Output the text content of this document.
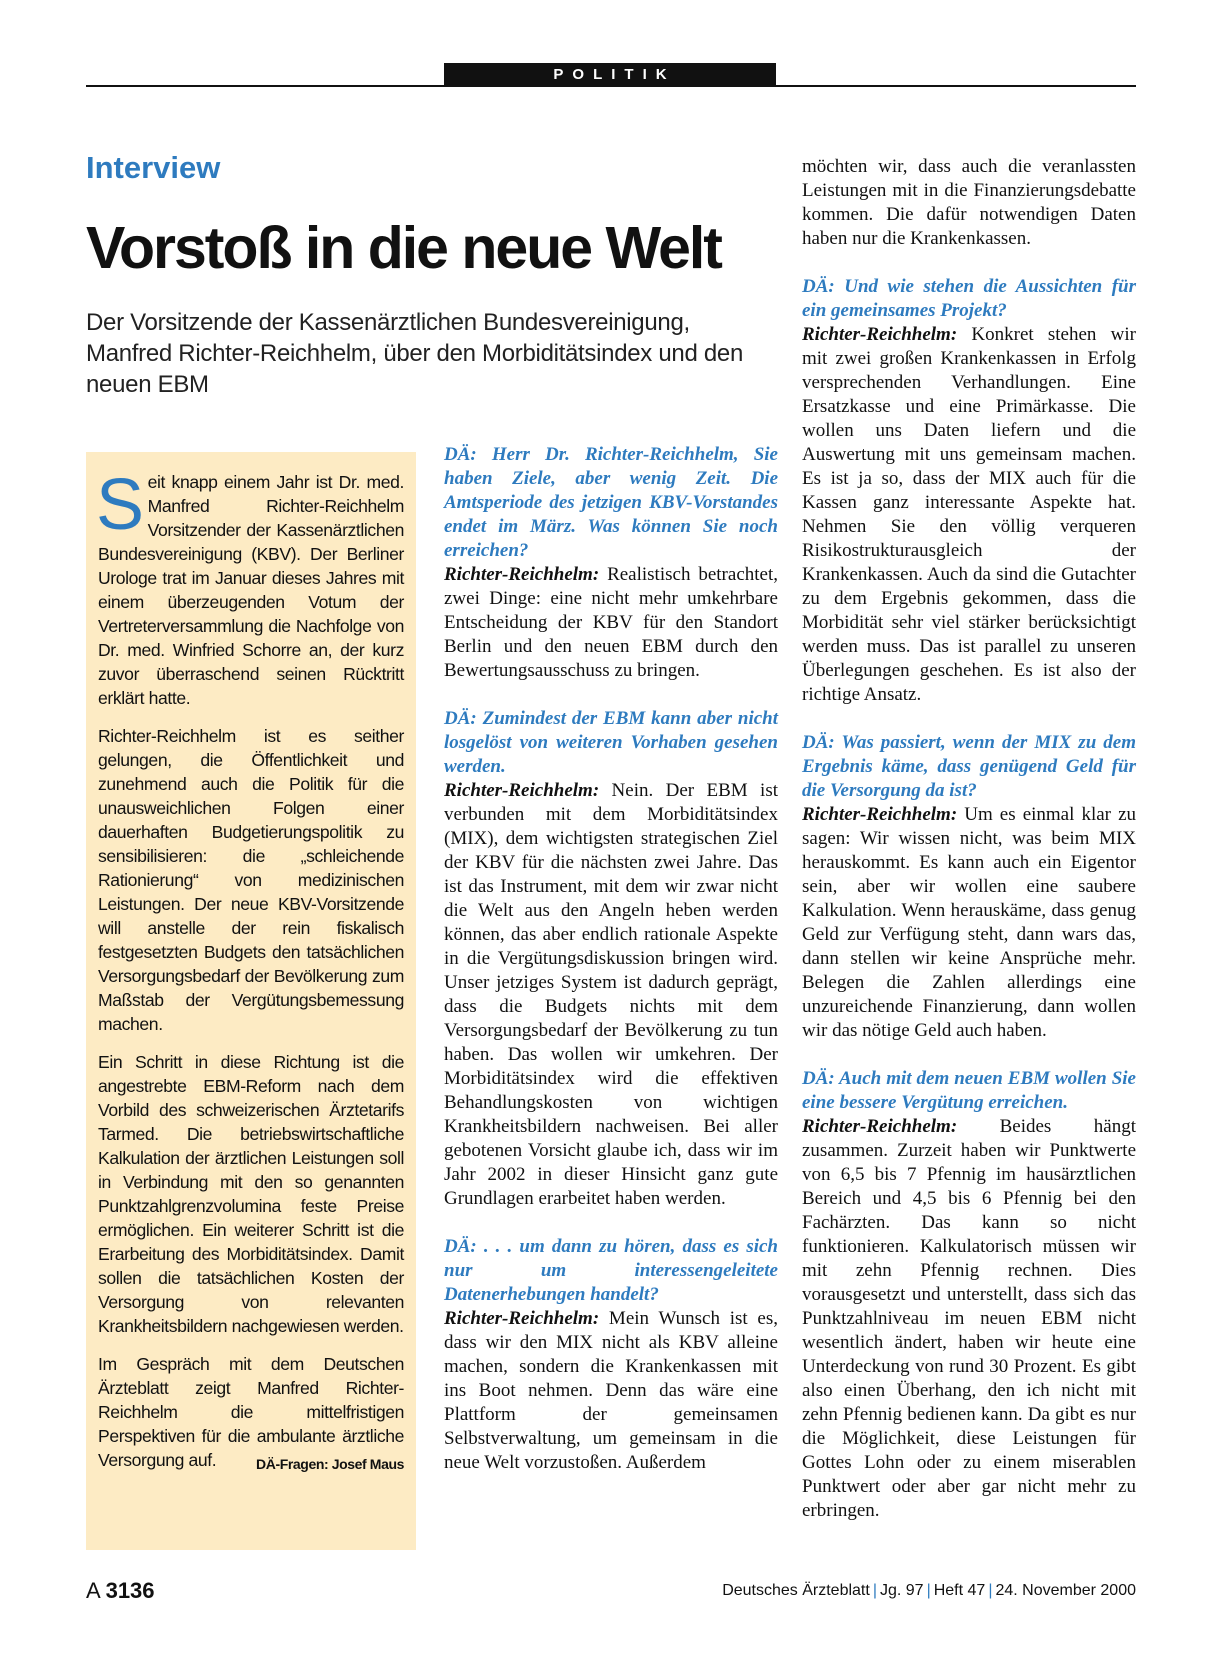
POLITIK
Interview
Vorstoß in die neue Welt
Der Vorsitzende der Kassenärztlichen Bundesvereinigung, Manfred Richter-Reichhelm, über den Morbiditätsindex und den neuen EBM

Seit knapp einem Jahr ist Dr. med. Manfred Richter-Reichhelm Vorsitzender der Kassenärztlichen Bundesvereinigung (KBV). Der Berliner Urologe trat im Januar dieses Jahres mit einem überzeugenden Votum der Vertreterversammlung die Nachfolge von Dr. med. Winfried Schorre an, der kurz zuvor überraschend seinen Rücktritt erklärt hatte.

Richter-Reichhelm ist es seither gelungen, die Öffentlichkeit und zunehmend auch die Politik für die unausweichlichen Folgen einer dauerhaften Budgetierungspolitik zu sensibilisieren: die „schleichende Rationierung“ von medizinischen Leistungen. Der neue KBV-Vorsitzende will anstelle der rein fiskalisch festgesetzten Budgets den tatsächlichen Versorgungsbedarf der Bevölkerung zum Maßstab der Vergütungsbemessung machen.

Ein Schritt in diese Richtung ist die angestrebte EBM-Reform nach dem Vorbild des schweizerischen Ärztetarifs Tarmed. Die betriebswirtschaftliche Kalkulation der ärztlichen Leistungen soll in Verbindung mit den so genannten Punktzahlgrenzvolumina feste Preise ermöglichen. Ein weiterer Schritt ist die Erarbeitung des Morbiditätsindex. Damit sollen die tatsächlichen Kosten der Versorgung von relevanten Krankheitsbildern nachgewiesen werden.

Im Gespräch mit dem Deutschen Ärzteblatt zeigt Manfred Richter-Reichhelm die mittelfristigen Perspektiven für die ambulante ärztliche Versorgung auf.	DÄ-Fragen: Josef Maus

DÄ: Herr Dr. Richter-Reichhelm, Sie haben Ziele, aber wenig Zeit. Die Amtsperiode des jetzigen KBV-Vorstandes endet im März. Was können Sie noch erreichen?

Richter-Reichhelm: Realistisch betrachtet, zwei Dinge: eine nicht mehr umkehrbare Entscheidung der KBV für den Standort Berlin und den neuen EBM durch den Bewertungsausschuss zu bringen.

DÄ: Zumindest der EBM kann aber nicht losgelöst von weiteren Vorhaben gesehen werden.

Richter-Reichhelm: Nein. Der EBM ist verbunden mit dem Morbiditätsindex (MIX), dem wichtigsten strategischen Ziel der KBV für die nächsten zwei Jahre. Das ist das Instrument, mit dem wir zwar nicht die Welt aus den Angeln heben werden können, das aber endlich rationale Aspekte in die Vergütungsdiskussion bringen wird. Unser jetziges System ist dadurch geprägt, dass die Budgets nichts mit dem Versorgungsbedarf der Bevölkerung zu tun haben. Das wollen wir umkehren. Der Morbiditätsindex wird die effektiven Behandlungskosten von wichtigen Krankheitsbildern nachweisen. Bei aller gebotenen Vorsicht glaube ich, dass wir im Jahr 2002 in dieser Hinsicht ganz gute Grundlagen erarbeitet haben werden.

DÄ: . . . um dann zu hören, dass es sich nur um interessengeleitete Datenerhebungen handelt?

Richter-Reichhelm: Mein Wunsch ist es, dass wir den MIX nicht als KBV alleine machen, sondern die Krankenkassen mit ins Boot nehmen. Denn das wäre eine Plattform der gemeinsamen Selbstverwaltung, um gemeinsam in die neue Welt vorzustoßen. Außerdem

möchten wir, dass auch die veranlassten Leistungen mit in die Finanzierungsdebatte kommen. Die dafür notwendigen Daten haben nur die Krankenkassen.

DÄ: Und wie stehen die Aussichten für ein gemeinsames Projekt?

Richter-Reichhelm: Konkret stehen wir mit zwei großen Krankenkassen in Erfolg versprechenden Verhandlungen. Eine Ersatzkasse und eine Primärkasse. Die wollen uns Daten liefern und die Auswertung mit uns gemeinsam machen. Es ist ja so, dass der MIX auch für die Kassen ganz interessante Aspekte hat. Nehmen Sie den völlig verqueren Risikostrukturausgleich der Krankenkassen. Auch da sind die Gutachter zu dem Ergebnis gekommen, dass die Morbidität sehr viel stärker berücksichtigt werden muss. Das ist parallel zu unseren Überlegungen geschehen. Es ist also der richtige Ansatz.

DÄ: Was passiert, wenn der MIX zu dem Ergebnis käme, dass genügend Geld für die Versorgung da ist?

Richter-Reichhelm: Um es einmal klar zu sagen: Wir wissen nicht, was beim MIX herauskommt. Es kann auch ein Eigentor sein, aber wir wollen eine saubere Kalkulation. Wenn herauskäme, dass genug Geld zur Verfügung steht, dann wars das, dann stellen wir keine Ansprüche mehr. Belegen die Zahlen allerdings eine unzureichende Finanzierung, dann wollen wir das nötige Geld auch haben.

DÄ: Auch mit dem neuen EBM wollen Sie eine bessere Vergütung erreichen.

Richter-Reichhelm: Beides hängt zusammen. Zurzeit haben wir Punktwerte von 6,5 bis 7 Pfennig im hausärztlichen Bereich und 4,5 bis 6 Pfennig bei den Fachärzten. Das kann so nicht funktionieren. Kalkulatorisch müssen wir mit zehn Pfennig rechnen. Dies vorausgesetzt und unterstellt, dass sich das Punktzahlniveau im neuen EBM nicht wesentlich ändert, haben wir heute eine Unterdeckung von rund 30 Prozent. Es gibt also einen Überhang, den ich nicht mit zehn Pfennig bedienen kann. Da gibt es nur die Möglichkeit, diese Leistungen für Gottes Lohn oder zu einem miserablen Punktwert oder aber gar nicht mehr zu erbringen.

A 3136	Deutsches Ärzteblatt | Jg. 97 | Heft 47 | 24. November 2000
